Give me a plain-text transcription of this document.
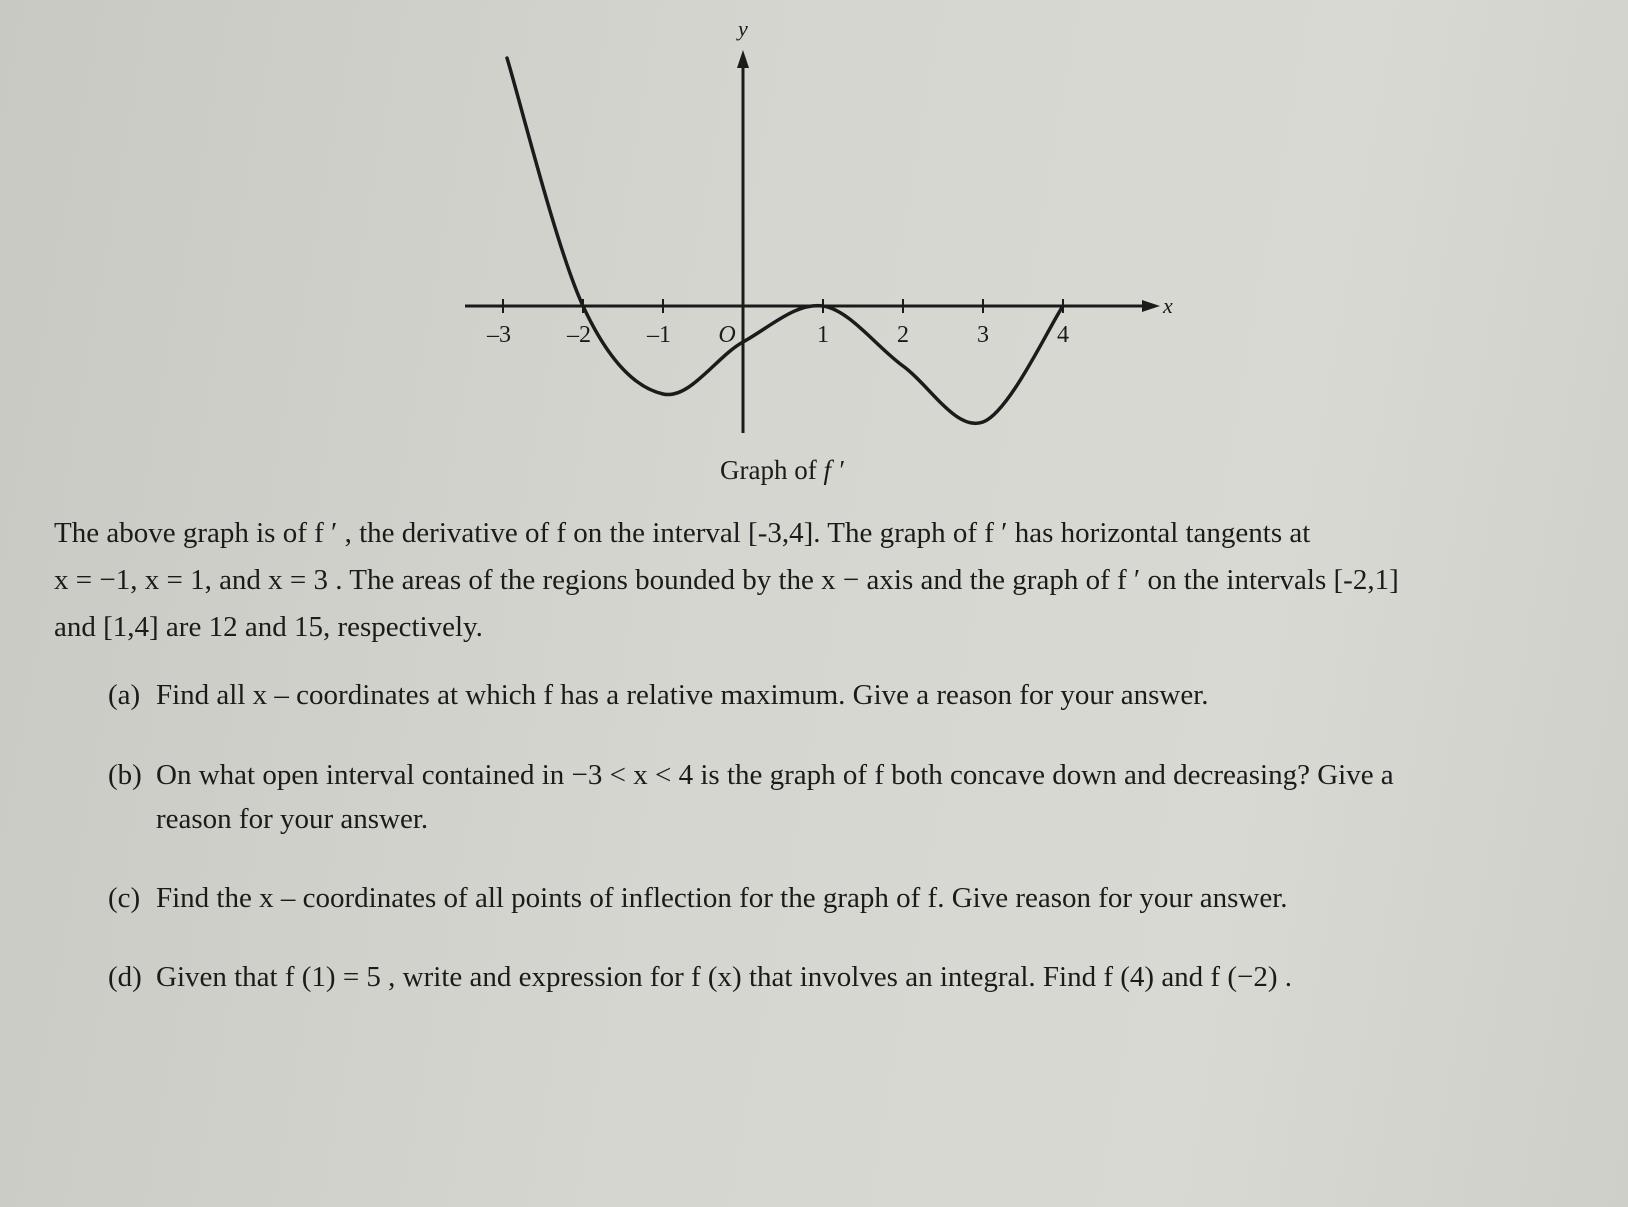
x
y
–3 –2 –1 O	1	2	3	4
Graph of f ′
The above graph is of f ′ , the derivative of f on the interval [-3,4]. The graph of f ′ has horizontal tangents at
x = −1, x = 1, and x = 3 . The areas of the regions bounded by the x − axis and the graph of f ′ on the intervals [-2,1]
and [1,4] are 12 and 15, respectively.
(a) Find all x – coordinates at which f has a relative maximum. Give a reason for your answer.
(b) On what open interval contained in −3 < x < 4 is the graph of f both concave down and decreasing? Give a
reason for your answer.
(c) Find the x – coordinates of all points of inflection for the graph of f. Give reason for your answer.
(d) Given that f (1) = 5 , write and expression for f (x) that involves an integral. Find f (4) and f (−2) .
